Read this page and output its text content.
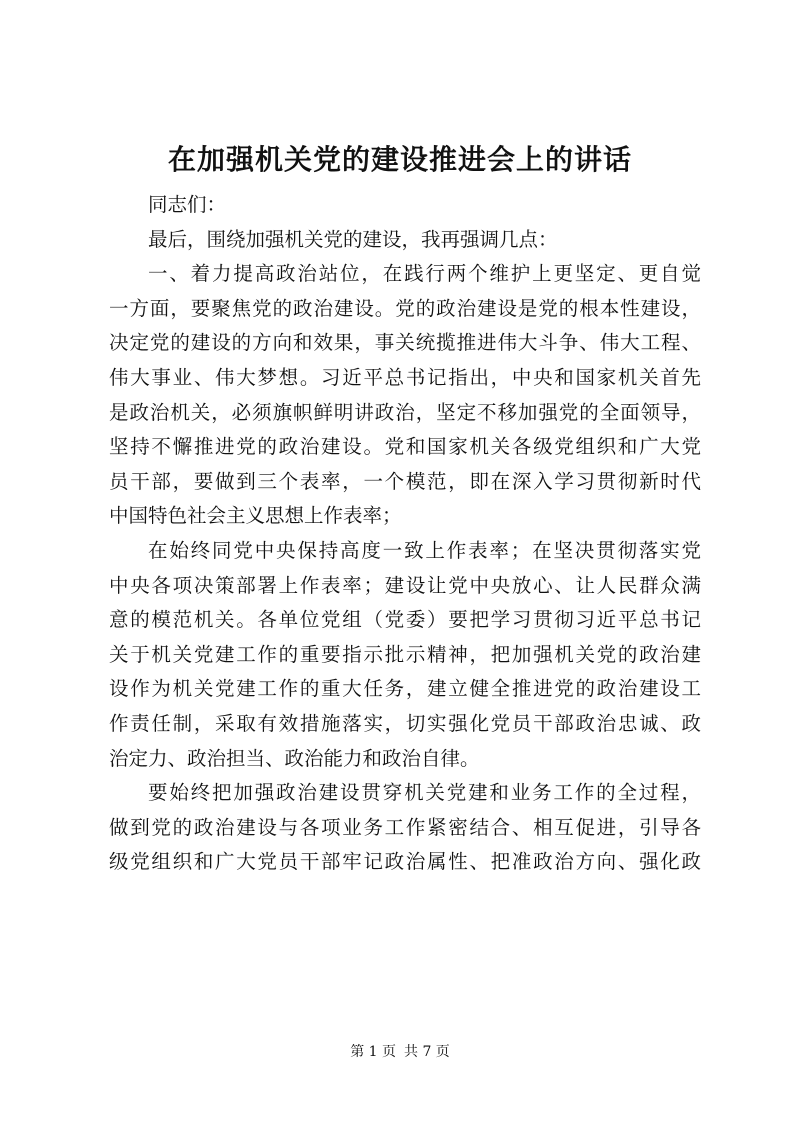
在加强机关党的建设推进会上的讲话
同志们：
最后，围绕加强机关党的建设，我再强调几点：
一、着力提高政治站位，在践行两个维护上更坚定、更自觉
一方面，要聚焦党的政治建设。党的政治建设是党的根本性建设，
决定党的建设的方向和效果，事关统揽推进伟大斗争、伟大工程、
伟大事业、伟大梦想。习近平总书记指出，中央和国家机关首先
是政治机关，必须旗帜鲜明讲政治，坚定不移加强党的全面领导，
坚持不懈推进党的政治建设。党和国家机关各级党组织和广大党
员干部，要做到三个表率，一个模范，即在深入学习贯彻新时代
中国特色社会主义思想上作表率；
在始终同党中央保持高度一致上作表率；在坚决贯彻落实党
中央各项决策部署上作表率；建设让党中央放心、让人民群众满
意的模范机关。各单位党组（党委）要把学习贯彻习近平总书记
关于机关党建工作的重要指示批示精神，把加强机关党的政治建
设作为机关党建工作的重大任务，建立健全推进党的政治建设工
作责任制，采取有效措施落实，切实强化党员干部政治忠诚、政
治定力、政治担当、政治能力和政治自律。
要始终把加强政治建设贯穿机关党建和业务工作的全过程，
做到党的政治建设与各项业务工作紧密结合、相互促进，引导各
级党组织和广大党员干部牢记政治属性、把准政治方向、强化政
第 1 页 共 7 页
